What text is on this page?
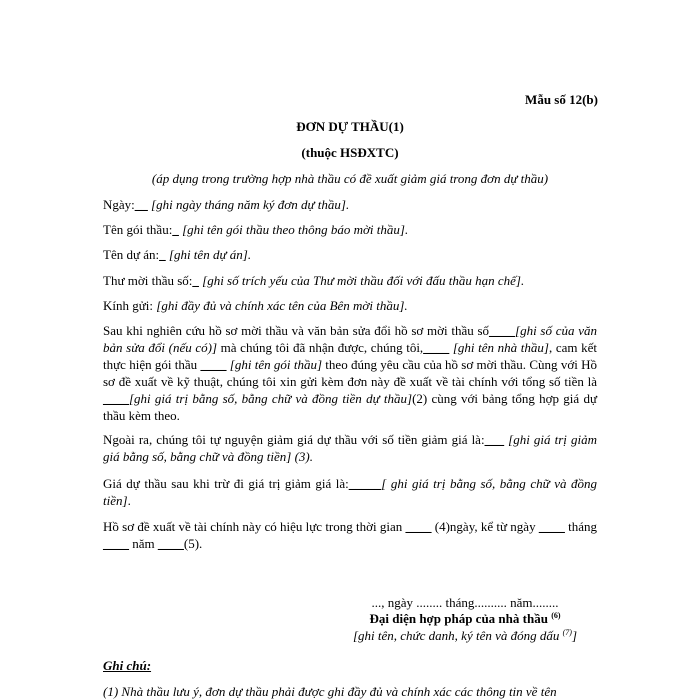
Mẫu số 12(b)
ĐƠN DỰ THẦU(1)
(thuộc HSĐXTC)
(áp dụng trong trường hợp nhà thầu có đề xuất giảm giá trong đơn dự thầu)
Ngày:__ [ghi ngày tháng năm ký đơn dự thầu].
Tên gói thầu:_ [ghi tên gói thầu theo thông báo mời thầu].
Tên dự án:_ [ghi tên dự án].
Thư mời thầu số:_ [ghi số trích yếu của Thư mời thầu đối với đấu thầu hạn chế].
Kính gửi: [ghi đầy đủ và chính xác tên của Bên mời thầu].
Sau khi nghiên cứu hồ sơ mời thầu và văn bản sửa đổi hồ sơ mời thầu số____[ghi số của văn bản sửa đổi (nếu có)] mà chúng tôi đã nhận được, chúng tôi,____ [ghi tên nhà thầu], cam kết thực hiện gói thầu ____ [ghi tên gói thầu] theo đúng yêu cầu của hồ sơ mời thầu. Cùng với Hồ sơ đề xuất về kỹ thuật, chúng tôi xin gửi kèm đơn này đề xuất về tài chính với tổng số tiền là ____[ghi giá trị bằng số, bằng chữ và đồng tiền dự thầu](2) cùng với bảng tổng hợp giá dự thầu kèm theo.
Ngoài ra, chúng tôi tự nguyện giảm giá dự thầu với số tiền giảm giá là:___ [ghi giá trị giảm giá bằng số, bằng chữ và đồng tiền] (3).
Giá dự thầu sau khi trừ đi giá trị giảm giá là:_____[ ghi giá trị bằng số, bằng chữ và đồng tiền].
Hồ sơ đề xuất về tài chính này có hiệu lực trong thời gian ____ (4)ngày, kể từ ngày ____ tháng ____ năm ____(5).
..., ngày ........ tháng.......... năm........
Đại diện hợp pháp của nhà thầu $^{(6)}$
[ghi tên, chức danh, ký tên và đóng dấu $^{(7)}$]
Ghi chú:
(1) Nhà thầu lưu ý, đơn dự thầu phải được ghi đầy đủ và chính xác các thông tin về tên
